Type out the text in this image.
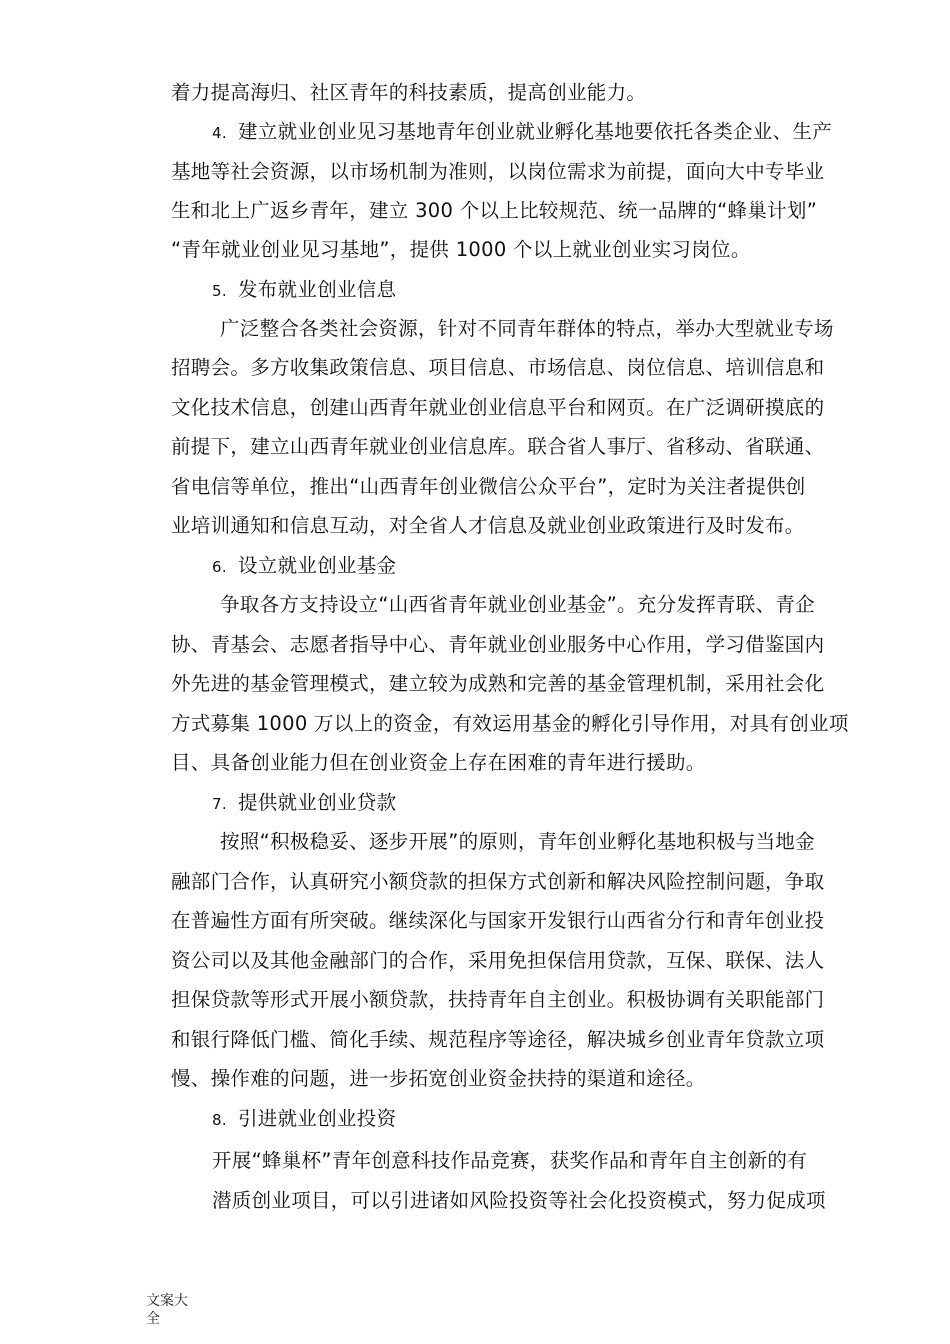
着力提高海归、社区青年的科技素质，提高创业能力。
4. 建立就业创业见习基地青年创业就业孵化基地要依托各类企业、生产
基地等社会资源，以市场机制为准则，以岗位需求为前提，面向大中专毕业
生和北上广返乡青年，建立 300 个以上比较规范、统一品牌的“蜂巢计划”
“青年就业创业见习基地”，提供 1000 个以上就业创业实习岗位。
5. 发布就业创业信息
广泛整合各类社会资源，针对不同青年群体的特点，举办大型就业专场
招聘会。多方收集政策信息、项目信息、市场信息、岗位信息、培训信息和
文化技术信息，创建山西青年就业创业信息平台和网页。在广泛调研摸底的
前提下，建立山西青年就业创业信息库。联合省人事厅、省移动、省联通、
省电信等单位，推出“山西青年创业微信公众平台”，定时为关注者提供创
业培训通知和信息互动，对全省人才信息及就业创业政策进行及时发布。
6. 设立就业创业基金
争取各方支持设立“山西省青年就业创业基金”。充分发挥青联、青企
协、青基会、志愿者指导中心、青年就业创业服务中心作用，学习借鉴国内
外先进的基金管理模式，建立较为成熟和完善的基金管理机制，采用社会化
方式募集 1000 万以上的资金，有效运用基金的孵化引导作用，对具有创业项
目、具备创业能力但在创业资金上存在困难的青年进行援助。
7. 提供就业创业贷款
按照“积极稳妥、逐步开展”的原则，青年创业孵化基地积极与当地金
融部门合作，认真研究小额贷款的担保方式创新和解决风险控制问题，争取
在普遍性方面有所突破。继续深化与国家开发银行山西省分行和青年创业投
资公司以及其他金融部门的合作，采用免担保信用贷款，互保、联保、法人
担保贷款等形式开展小额贷款，扶持青年自主创业。积极协调有关职能部门
和银行降低门槛、简化手续、规范程序等途径，解决城乡创业青年贷款立项
慢、操作难的问题，进一步拓宽创业资金扶持的渠道和途径。
8. 引进就业创业投资
开展“蜂巢杯”青年创意科技作品竞赛，获奖作品和青年自主创新的有
潜质创业项目，可以引进诸如风险投资等社会化投资模式，努力促成项
文案大
全
